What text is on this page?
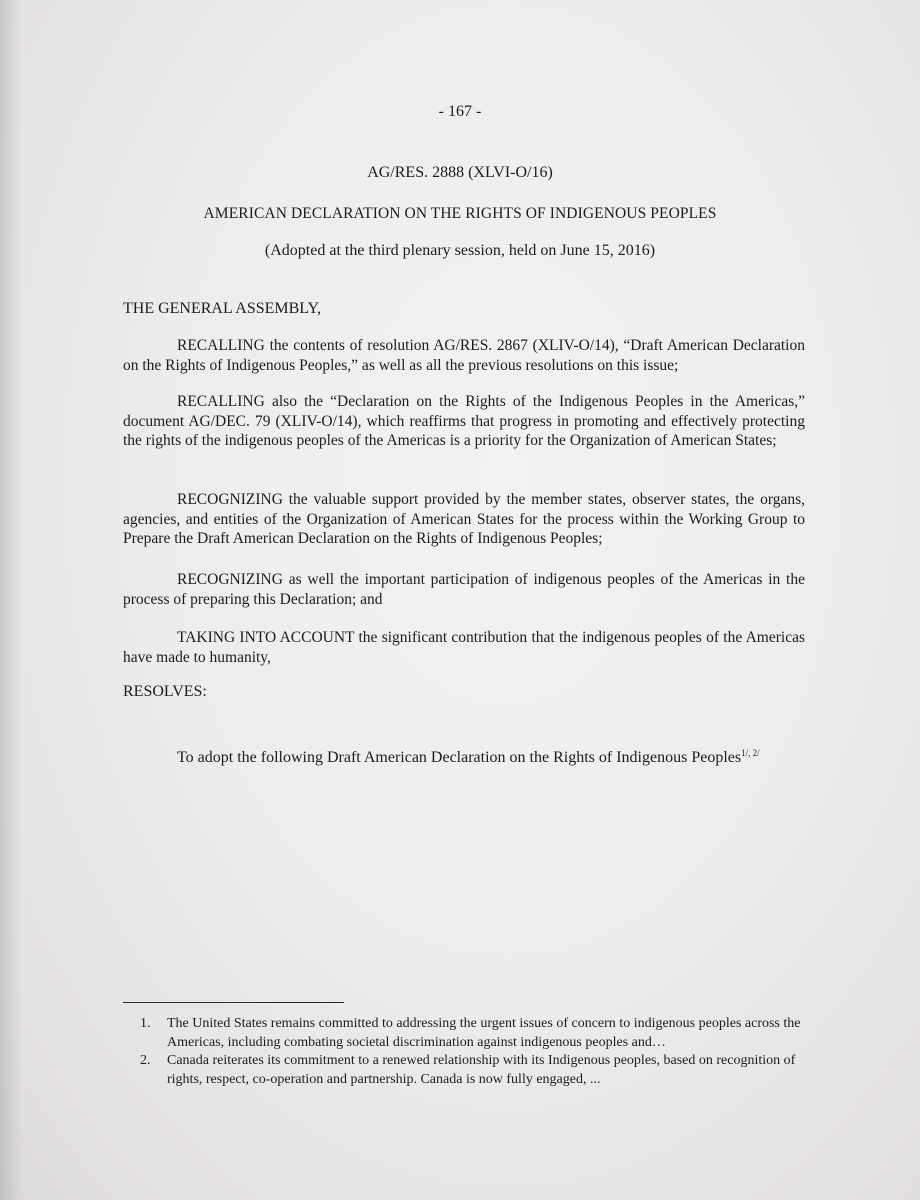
- 167 -
AG/RES. 2888 (XLVI-O/16)
AMERICAN DECLARATION ON THE RIGHTS OF INDIGENOUS PEOPLES
(Adopted at the third plenary session, held on June 15, 2016)
THE GENERAL ASSEMBLY,
RECALLING the contents of resolution AG/RES. 2867 (XLIV-O/14), “Draft American Declaration on the Rights of Indigenous Peoples,” as well as all the previous resolutions on this issue;
RECALLING also the “Declaration on the Rights of the Indigenous Peoples in the Americas,” document AG/DEC. 79 (XLIV-O/14), which reaffirms that progress in promoting and effectively protecting the rights of the indigenous peoples of the Americas is a priority for the Organization of American States;
RECOGNIZING the valuable support provided by the member states, observer states, the organs, agencies, and entities of the Organization of American States for the process within the Working Group to Prepare the Draft American Declaration on the Rights of Indigenous Peoples;
RECOGNIZING as well the important participation of indigenous peoples of the Americas in the process of preparing this Declaration; and
TAKING INTO ACCOUNT the significant contribution that the indigenous peoples of the Americas have made to humanity,
RESOLVES:
To adopt the following Draft American Declaration on the Rights of Indigenous Peoples$^{1/, 2/}$
1.	The United States remains committed to addressing the urgent issues of concern to indigenous peoples across the Americas, including combating societal discrimination against indigenous peoples and…
2.	Canada reiterates its commitment to a renewed relationship with its Indigenous peoples, based on recognition of rights, respect, co-operation and partnership. Canada is now fully engaged, ...
